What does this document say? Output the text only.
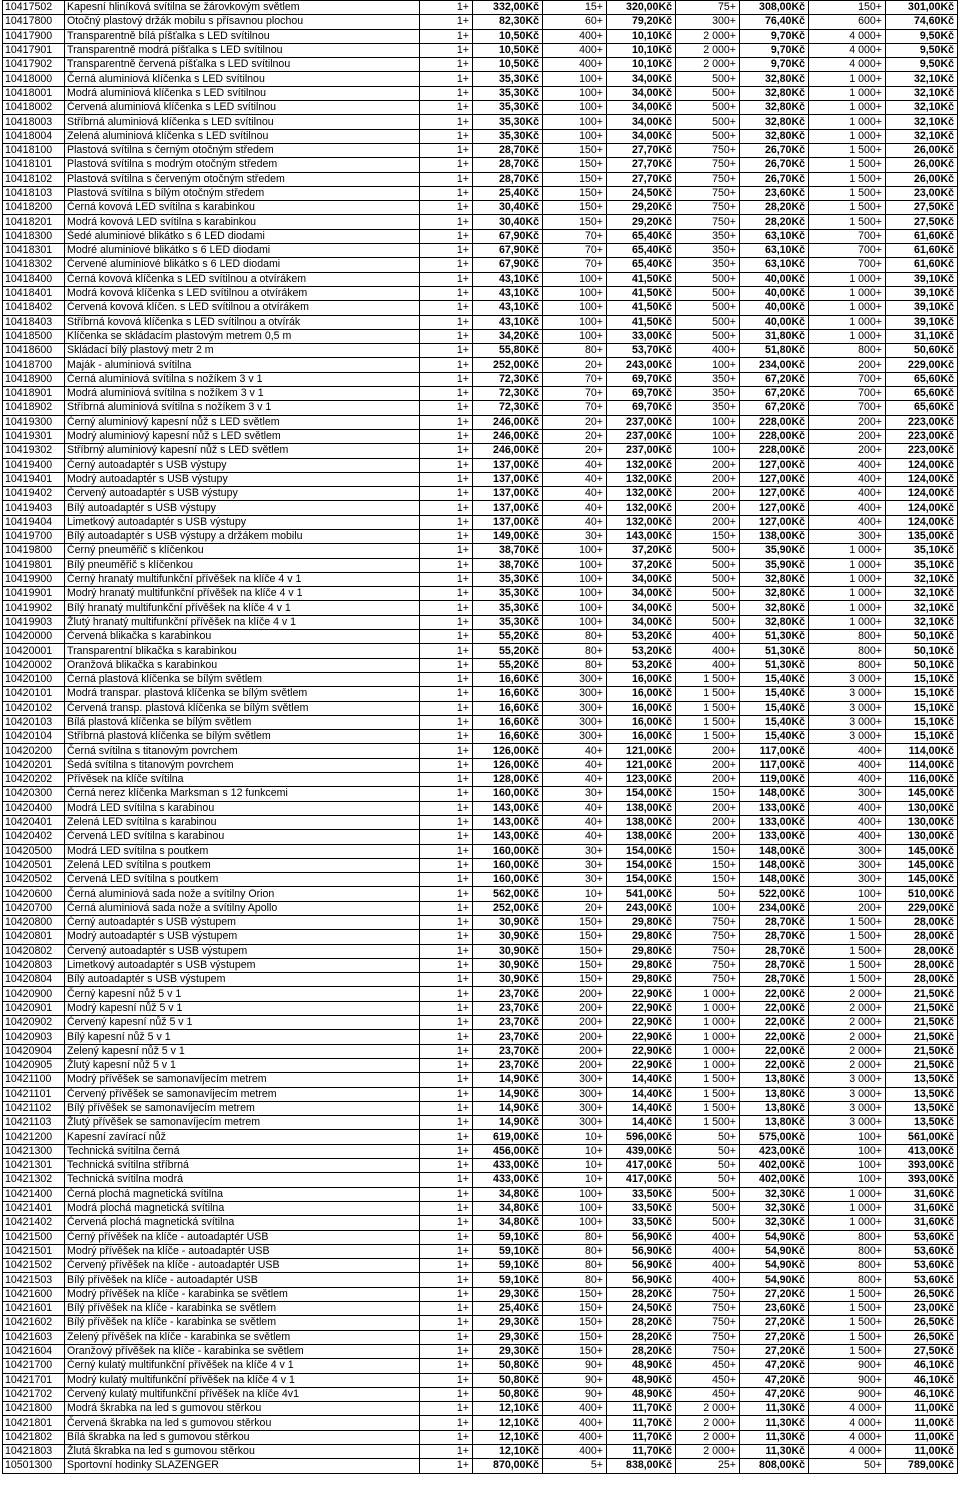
10417502	Kapesní hliníková svítilna se žárovkovým světlem	1+	332,00Kč	15+	320,00Kč	75+	308,00Kč	150+	301,00Kč
10417800	Otočný plastový držák mobilu s přísavnou plochou	1+	82,30Kč	60+	79,20Kč	300+	76,40Kč	600+	74,60Kč
10417900	Transparentně bílá píšťalka s LED svítilnou	1+	10,50Kč	400+	10,10Kč	2 000+	9,70Kč	4 000+	9,50Kč
10417901	Transparentně modrá píšťalka s LED svítilnou	1+	10,50Kč	400+	10,10Kč	2 000+	9,70Kč	4 000+	9,50Kč
10417902	Transparentně červená píšťalka s LED svítilnou	1+	10,50Kč	400+	10,10Kč	2 000+	9,70Kč	4 000+	9,50Kč
10418000	Černá aluminiová klíčenka s LED svítilnou	1+	35,30Kč	100+	34,00Kč	500+	32,80Kč	1 000+	32,10Kč
10418001	Modrá aluminiová klíčenka s LED svítilnou	1+	35,30Kč	100+	34,00Kč	500+	32,80Kč	1 000+	32,10Kč
10418002	Červená aluminiová klíčenka s LED svítilnou	1+	35,30Kč	100+	34,00Kč	500+	32,80Kč	1 000+	32,10Kč
10418003	Stříbrná aluminiová klíčenka s LED svítilnou	1+	35,30Kč	100+	34,00Kč	500+	32,80Kč	1 000+	32,10Kč
10418004	Zelená aluminiová klíčenka s LED svítilnou	1+	35,30Kč	100+	34,00Kč	500+	32,80Kč	1 000+	32,10Kč
10418100	Plastová svítilna s černým otočným středem	1+	28,70Kč	150+	27,70Kč	750+	26,70Kč	1 500+	26,00Kč
10418101	Plastová svítilna s modrým otočným středem	1+	28,70Kč	150+	27,70Kč	750+	26,70Kč	1 500+	26,00Kč
10418102	Plastová svítilna s červeným otočným středem	1+	28,70Kč	150+	27,70Kč	750+	26,70Kč	1 500+	26,00Kč
10418103	Plastová svítilna s bílým otočným středem	1+	25,40Kč	150+	24,50Kč	750+	23,60Kč	1 500+	23,00Kč
10418200	Černá kovová LED svítilna s karabinkou	1+	30,40Kč	150+	29,20Kč	750+	28,20Kč	1 500+	27,50Kč
10418201	Modrá kovová LED svítilna s karabinkou	1+	30,40Kč	150+	29,20Kč	750+	28,20Kč	1 500+	27,50Kč
10418300	Šedé aluminiové blikátko s 6 LED diodami	1+	67,90Kč	70+	65,40Kč	350+	63,10Kč	700+	61,60Kč
10418301	Modré aluminiové blikátko s 6 LED diodami	1+	67,90Kč	70+	65,40Kč	350+	63,10Kč	700+	61,60Kč
10418302	Červené aluminiové blikátko s 6 LED diodami	1+	67,90Kč	70+	65,40Kč	350+	63,10Kč	700+	61,60Kč
10418400	Černá kovová klíčenka s LED svítilnou a otvírákem	1+	43,10Kč	100+	41,50Kč	500+	40,00Kč	1 000+	39,10Kč
10418401	Modrá kovová klíčenka s LED svítilnou a otvírákem	1+	43,10Kč	100+	41,50Kč	500+	40,00Kč	1 000+	39,10Kč
10418402	Červená kovová klíčen. s LED svítilnou a otvírákem	1+	43,10Kč	100+	41,50Kč	500+	40,00Kč	1 000+	39,10Kč
10418403	Stříbrná kovová klíčenka s LED svítilnou a otvírák	1+	43,10Kč	100+	41,50Kč	500+	40,00Kč	1 000+	39,10Kč
10418500	Klíčenka se skládacím plastovým metrem 0,5 m	1+	34,20Kč	100+	33,00Kč	500+	31,80Kč	1 000+	31,10Kč
10418600	Skládací bílý plastový metr 2 m	1+	55,80Kč	80+	53,70Kč	400+	51,80Kč	800+	50,60Kč
10418700	Maják - aluminiová svítilna	1+	252,00Kč	20+	243,00Kč	100+	234,00Kč	200+	229,00Kč
10418900	Černá aluminiová svítilna s nožíkem 3 v 1	1+	72,30Kč	70+	69,70Kč	350+	67,20Kč	700+	65,60Kč
10418901	Modrá aluminiová svítilna s nožíkem 3 v 1	1+	72,30Kč	70+	69,70Kč	350+	67,20Kč	700+	65,60Kč
10418902	Stříbrná aluminiová svítilna s nožíkem 3 v 1	1+	72,30Kč	70+	69,70Kč	350+	67,20Kč	700+	65,60Kč
10419300	Černý aluminiový kapesní nůž s LED světlem	1+	246,00Kč	20+	237,00Kč	100+	228,00Kč	200+	223,00Kč
10419301	Modrý aluminiový kapesní nůž s LED světlem	1+	246,00Kč	20+	237,00Kč	100+	228,00Kč	200+	223,00Kč
10419302	Stříbrný aluminiový kapesní nůž s LED světlem	1+	246,00Kč	20+	237,00Kč	100+	228,00Kč	200+	223,00Kč
10419400	Černý autoadaptér s USB výstupy	1+	137,00Kč	40+	132,00Kč	200+	127,00Kč	400+	124,00Kč
10419401	Modrý autoadaptér s USB výstupy	1+	137,00Kč	40+	132,00Kč	200+	127,00Kč	400+	124,00Kč
10419402	Červený autoadaptér s USB výstupy	1+	137,00Kč	40+	132,00Kč	200+	127,00Kč	400+	124,00Kč
10419403	Bílý autoadaptér s USB výstupy	1+	137,00Kč	40+	132,00Kč	200+	127,00Kč	400+	124,00Kč
10419404	Limetkový autoadaptér s USB výstupy	1+	137,00Kč	40+	132,00Kč	200+	127,00Kč	400+	124,00Kč
10419700	Bílý autoadaptér s USB výstupy a držákem mobilu	1+	149,00Kč	30+	143,00Kč	150+	138,00Kč	300+	135,00Kč
10419800	Černý pneuměřič s klíčenkou	1+	38,70Kč	100+	37,20Kč	500+	35,90Kč	1 000+	35,10Kč
10419801	Bílý pneuměřič s klíčenkou	1+	38,70Kč	100+	37,20Kč	500+	35,90Kč	1 000+	35,10Kč
10419900	Černý hranatý multifunkční přívěšek na klíče 4 v 1	1+	35,30Kč	100+	34,00Kč	500+	32,80Kč	1 000+	32,10Kč
10419901	Modrý hranatý multifunkční přívěšek na klíče 4 v 1	1+	35,30Kč	100+	34,00Kč	500+	32,80Kč	1 000+	32,10Kč
10419902	Bílý hranatý multifunkční přívěšek na klíče 4 v 1	1+	35,30Kč	100+	34,00Kč	500+	32,80Kč	1 000+	32,10Kč
10419903	Žlutý hranatý multifunkční přívěšek na klíče 4 v 1	1+	35,30Kč	100+	34,00Kč	500+	32,80Kč	1 000+	32,10Kč
10420000	Červená blikačka s karabinkou	1+	55,20Kč	80+	53,20Kč	400+	51,30Kč	800+	50,10Kč
10420001	Transparentní blikačka s karabinkou	1+	55,20Kč	80+	53,20Kč	400+	51,30Kč	800+	50,10Kč
10420002	Oranžová blikačka s karabinkou	1+	55,20Kč	80+	53,20Kč	400+	51,30Kč	800+	50,10Kč
10420100	Černá plastová klíčenka se bílým světlem	1+	16,60Kč	300+	16,00Kč	1 500+	15,40Kč	3 000+	15,10Kč
10420101	Modrá transpar. plastová klíčenka se bílým světlem	1+	16,60Kč	300+	16,00Kč	1 500+	15,40Kč	3 000+	15,10Kč
10420102	Červená transp. plastová klíčenka se bílým světlem	1+	16,60Kč	300+	16,00Kč	1 500+	15,40Kč	3 000+	15,10Kč
10420103	Bílá plastová klíčenka se bílým světlem	1+	16,60Kč	300+	16,00Kč	1 500+	15,40Kč	3 000+	15,10Kč
10420104	Stříbrná plastová klíčenka se bílým světlem	1+	16,60Kč	300+	16,00Kč	1 500+	15,40Kč	3 000+	15,10Kč
10420200	Černá svítilna s titanovým povrchem	1+	126,00Kč	40+	121,00Kč	200+	117,00Kč	400+	114,00Kč
10420201	Šedá svítilna s titanovým povrchem	1+	126,00Kč	40+	121,00Kč	200+	117,00Kč	400+	114,00Kč
10420202	Přívěsek na klíče svítilna	1+	128,00Kč	40+	123,00Kč	200+	119,00Kč	400+	116,00Kč
10420300	Černá nerez klíčenka Marksman s 12 funkcemi	1+	160,00Kč	30+	154,00Kč	150+	148,00Kč	300+	145,00Kč
10420400	Modrá LED svítilna s karabinou	1+	143,00Kč	40+	138,00Kč	200+	133,00Kč	400+	130,00Kč
10420401	Zelená LED svítilna s karabinou	1+	143,00Kč	40+	138,00Kč	200+	133,00Kč	400+	130,00Kč
10420402	Červená LED svítilna s karabinou	1+	143,00Kč	40+	138,00Kč	200+	133,00Kč	400+	130,00Kč
10420500	Modrá LED svítilna s poutkem	1+	160,00Kč	30+	154,00Kč	150+	148,00Kč	300+	145,00Kč
10420501	Zelená LED svítilna s poutkem	1+	160,00Kč	30+	154,00Kč	150+	148,00Kč	300+	145,00Kč
10420502	Červená LED svítilna s poutkem	1+	160,00Kč	30+	154,00Kč	150+	148,00Kč	300+	145,00Kč
10420600	Černá aluminiová sada nože a svítilny Orion	1+	562,00Kč	10+	541,00Kč	50+	522,00Kč	100+	510,00Kč
10420700	Černá aluminiová sada nože a svítilny Apollo	1+	252,00Kč	20+	243,00Kč	100+	234,00Kč	200+	229,00Kč
10420800	Černý autoadaptér s USB výstupem	1+	30,90Kč	150+	29,80Kč	750+	28,70Kč	1 500+	28,00Kč
10420801	Modrý autoadaptér s USB výstupem	1+	30,90Kč	150+	29,80Kč	750+	28,70Kč	1 500+	28,00Kč
10420802	Červený autoadaptér s USB výstupem	1+	30,90Kč	150+	29,80Kč	750+	28,70Kč	1 500+	28,00Kč
10420803	Limetkový autoadaptér s USB výstupem	1+	30,90Kč	150+	29,80Kč	750+	28,70Kč	1 500+	28,00Kč
10420804	Bílý autoadaptér s USB výstupem	1+	30,90Kč	150+	29,80Kč	750+	28,70Kč	1 500+	28,00Kč
10420900	Černý kapesní nůž 5 v 1	1+	23,70Kč	200+	22,90Kč	1 000+	22,00Kč	2 000+	21,50Kč
10420901	Modrý kapesní nůž 5 v 1	1+	23,70Kč	200+	22,90Kč	1 000+	22,00Kč	2 000+	21,50Kč
10420902	Červený kapesní nůž 5 v 1	1+	23,70Kč	200+	22,90Kč	1 000+	22,00Kč	2 000+	21,50Kč
10420903	Bílý kapesní nůž 5 v 1	1+	23,70Kč	200+	22,90Kč	1 000+	22,00Kč	2 000+	21,50Kč
10420904	Zelený kapesní nůž 5 v 1	1+	23,70Kč	200+	22,90Kč	1 000+	22,00Kč	2 000+	21,50Kč
10420905	Žlutý kapesní nůž 5 v 1	1+	23,70Kč	200+	22,90Kč	1 000+	22,00Kč	2 000+	21,50Kč
10421100	Modrý přívěšek se samonavíjecím metrem	1+	14,90Kč	300+	14,40Kč	1 500+	13,80Kč	3 000+	13,50Kč
10421101	Červený přívěšek se samonavíjecím metrem	1+	14,90Kč	300+	14,40Kč	1 500+	13,80Kč	3 000+	13,50Kč
10421102	Bílý přívěšek se samonavíjecím metrem	1+	14,90Kč	300+	14,40Kč	1 500+	13,80Kč	3 000+	13,50Kč
10421103	Žlutý přívěšek se samonavíjecím metrem	1+	14,90Kč	300+	14,40Kč	1 500+	13,80Kč	3 000+	13,50Kč
10421200	Kapesní zavírací nůž	1+	619,00Kč	10+	596,00Kč	50+	575,00Kč	100+	561,00Kč
10421300	Technická svítilna černá	1+	456,00Kč	10+	439,00Kč	50+	423,00Kč	100+	413,00Kč
10421301	Technická svítilna stříbrná	1+	433,00Kč	10+	417,00Kč	50+	402,00Kč	100+	393,00Kč
10421302	Technická svítilna modrá	1+	433,00Kč	10+	417,00Kč	50+	402,00Kč	100+	393,00Kč
10421400	Černá plochá magnetická svítilna	1+	34,80Kč	100+	33,50Kč	500+	32,30Kč	1 000+	31,60Kč
10421401	Modrá plochá magnetická svítilna	1+	34,80Kč	100+	33,50Kč	500+	32,30Kč	1 000+	31,60Kč
10421402	Červená plochá magnetická svítilna	1+	34,80Kč	100+	33,50Kč	500+	32,30Kč	1 000+	31,60Kč
10421500	Černý přívěšek na klíče - autoadaptér USB	1+	59,10Kč	80+	56,90Kč	400+	54,90Kč	800+	53,60Kč
10421501	Modrý přívěšek na klíče - autoadaptér USB	1+	59,10Kč	80+	56,90Kč	400+	54,90Kč	800+	53,60Kč
10421502	Červený přívěšek na klíče - autoadaptér USB	1+	59,10Kč	80+	56,90Kč	400+	54,90Kč	800+	53,60Kč
10421503	Bílý přívěšek na klíče - autoadaptér USB	1+	59,10Kč	80+	56,90Kč	400+	54,90Kč	800+	53,60Kč
10421600	Modrý přívěšek na klíče - karabinka se světlem	1+	29,30Kč	150+	28,20Kč	750+	27,20Kč	1 500+	26,50Kč
10421601	Bílý přívěšek na klíče - karabinka se světlem	1+	25,40Kč	150+	24,50Kč	750+	23,60Kč	1 500+	23,00Kč
10421602	Bílý přívěšek na klíče - karabinka se světlem	1+	29,30Kč	150+	28,20Kč	750+	27,20Kč	1 500+	26,50Kč
10421603	Zelený přívěšek na klíče - karabinka se světlem	1+	29,30Kč	150+	28,20Kč	750+	27,20Kč	1 500+	26,50Kč
10421604	Oranžový přívěšek na klíče - karabinka se světlem	1+	29,30Kč	150+	28,20Kč	750+	27,20Kč	1 500+	27,50Kč
10421700	Černý kulatý multifunkční přívěšek na klíče 4 v 1	1+	50,80Kč	90+	48,90Kč	450+	47,20Kč	900+	46,10Kč
10421701	Modrý kulatý multifunkční přívěšek na klíče 4 v 1	1+	50,80Kč	90+	48,90Kč	450+	47,20Kč	900+	46,10Kč
10421702	Červený kulatý multifunkční přívěšek na klíče 4v1	1+	50,80Kč	90+	48,90Kč	450+	47,20Kč	900+	46,10Kč
10421800	Modrá škrabka na led s gumovou stěrkou	1+	12,10Kč	400+	11,70Kč	2 000+	11,30Kč	4 000+	11,00Kč
10421801	Červená škrabka na led s gumovou stěrkou	1+	12,10Kč	400+	11,70Kč	2 000+	11,30Kč	4 000+	11,00Kč
10421802	Bílá škrabka na led s gumovou stěrkou	1+	12,10Kč	400+	11,70Kč	2 000+	11,30Kč	4 000+	11,00Kč
10421803	Žlutá škrabka na led s gumovou stěrkou	1+	12,10Kč	400+	11,70Kč	2 000+	11,30Kč	4 000+	11,00Kč
10501300	Sportovní hodinky SLAZENGER	1+	870,00Kč	5+	838,00Kč	25+	808,00Kč	50+	789,00Kč
